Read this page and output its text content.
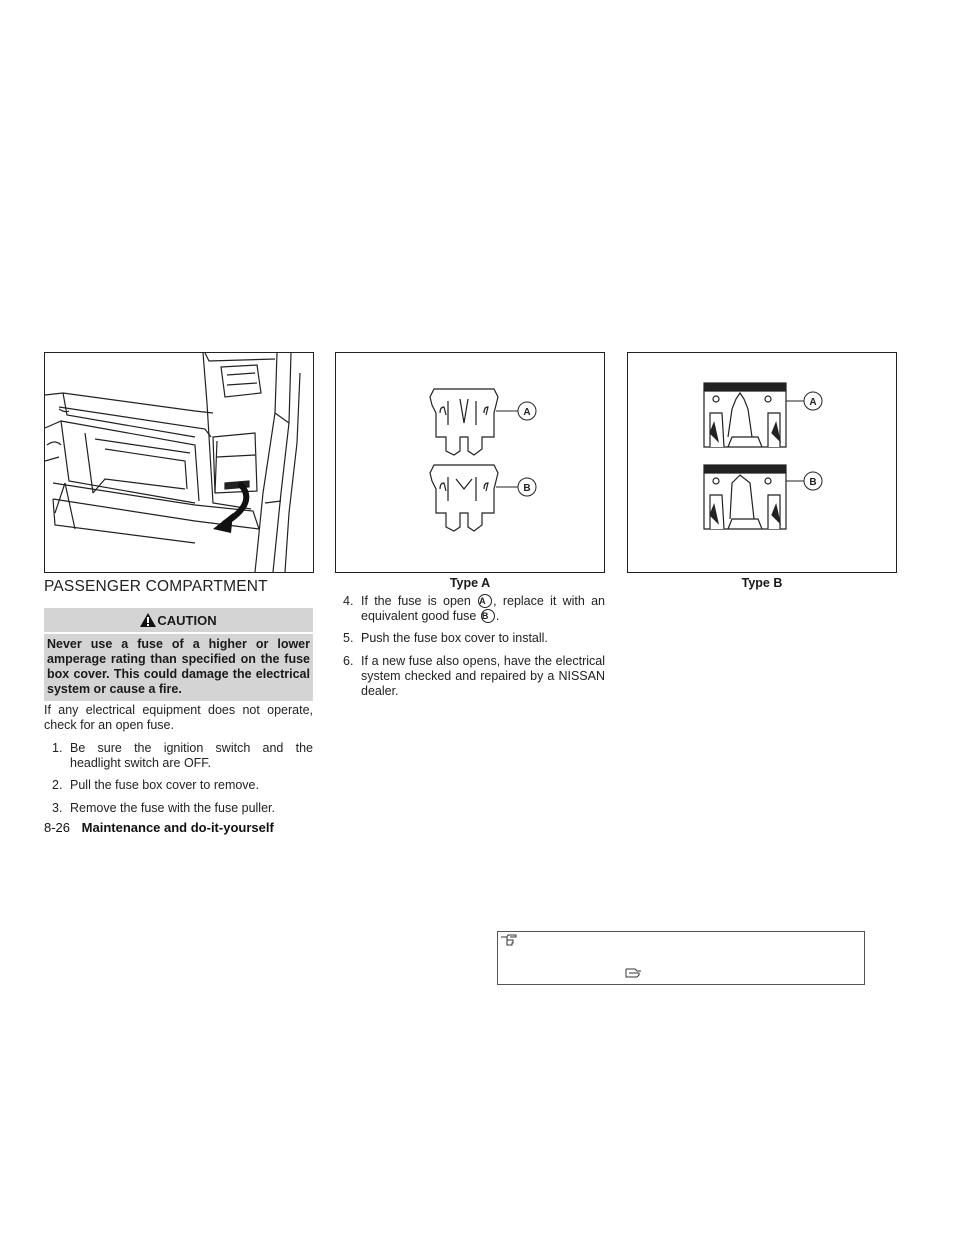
A
B
A
B
Type A	Type B
PASSENGER COMPARTMENT
CAUTION
Never use a fuse of a higher or lower amperage rating than specified on the fuse box cover. This could damage the electrical system or cause a fire.
If any electrical equipment does not operate, check for an open fuse.
1. Be sure the ignition switch and the headlight switch are OFF.
2. Pull the fuse box cover to remove.
3. Remove the fuse with the fuse puller.
4. If the fuse is open A , replace it with an equivalent good fuse B .
5. Push the fuse box cover to install.
6. If a new fuse also opens, have the electrical system checked and repaired by a NISSAN dealer.
8-26 Maintenance and do-it-yourself
